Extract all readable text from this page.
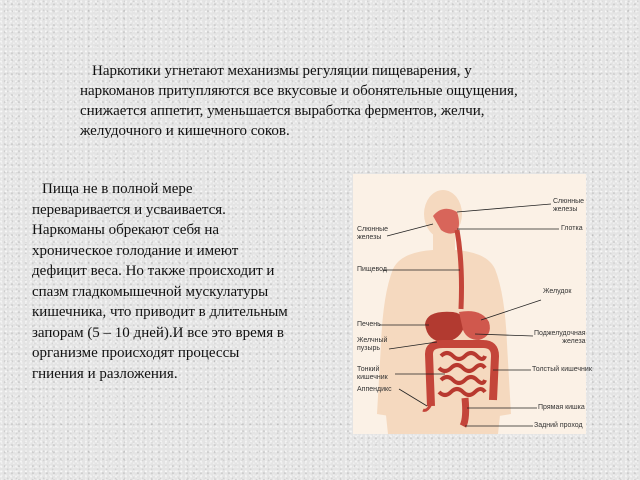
Наркотики угнетают механизмы регуляции пищеварения, у наркоманов притупляются все вкусовые и обонятельные ощущения, снижается аппетит, уменьшается выработка ферментов, желчи, желудочного и кишечного соков.

Пища не в полной мере переваривается и усваивается. Наркоманы обрекают себя на хроническое голодание и имеют дефицит веса. Но также происходит и спазм гладкомышечной мускулатуры кишечника, что приводит в длительным запорам (5 – 10 дней).И все это время в организме происходят процессы гниения и разложения.

Слюнные
железы
Глотка
Слюнные
железы
Пищевод
Желудок
Печень
Поджелудочная
железа
Желчный
пузырь
Толстый кишечник
Тонкий
кишечник
Аппендикс
Прямая кишка
Задний проход
